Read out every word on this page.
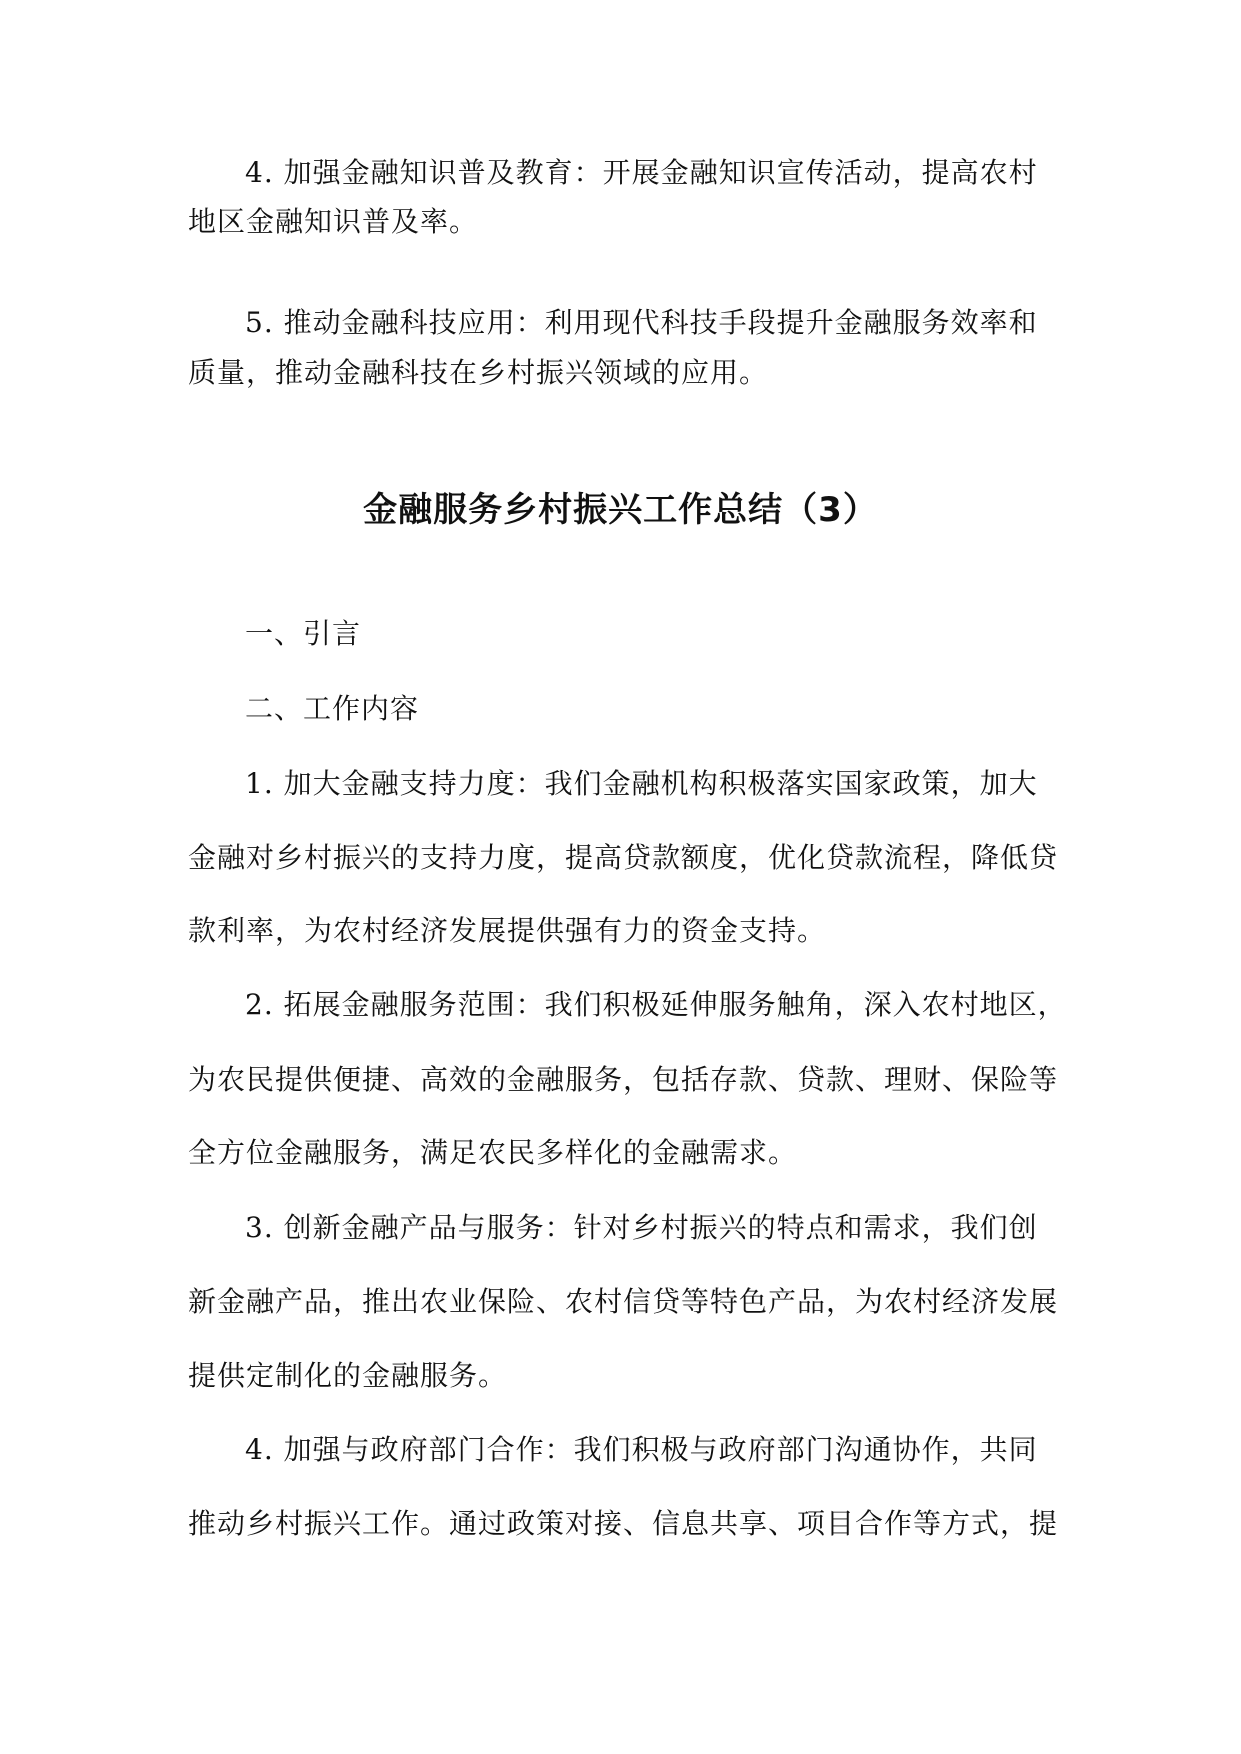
4. 加强金融知识普及教育：开展金融知识宣传活动，提高农村
地区金融知识普及率。
5. 推动金融科技应用：利用现代科技手段提升金融服务效率和
质量，推动金融科技在乡村振兴领域的应用。
金融服务乡村振兴工作总结（3）
一、引言
二、工作内容
1. 加大金融支持力度：我们金融机构积极落实国家政策，加大
金融对乡村振兴的支持力度，提高贷款额度，优化贷款流程，降低贷
款利率，为农村经济发展提供强有力的资金支持。
2. 拓展金融服务范围：我们积极延伸服务触角，深入农村地区，
为农民提供便捷、高效的金融服务，包括存款、贷款、理财、保险等
全方位金融服务，满足农民多样化的金融需求。
3. 创新金融产品与服务：针对乡村振兴的特点和需求，我们创
新金融产品，推出农业保险、农村信贷等特色产品，为农村经济发展
提供定制化的金融服务。
4. 加强与政府部门合作：我们积极与政府部门沟通协作，共同
推动乡村振兴工作。通过政策对接、信息共享、项目合作等方式，提
